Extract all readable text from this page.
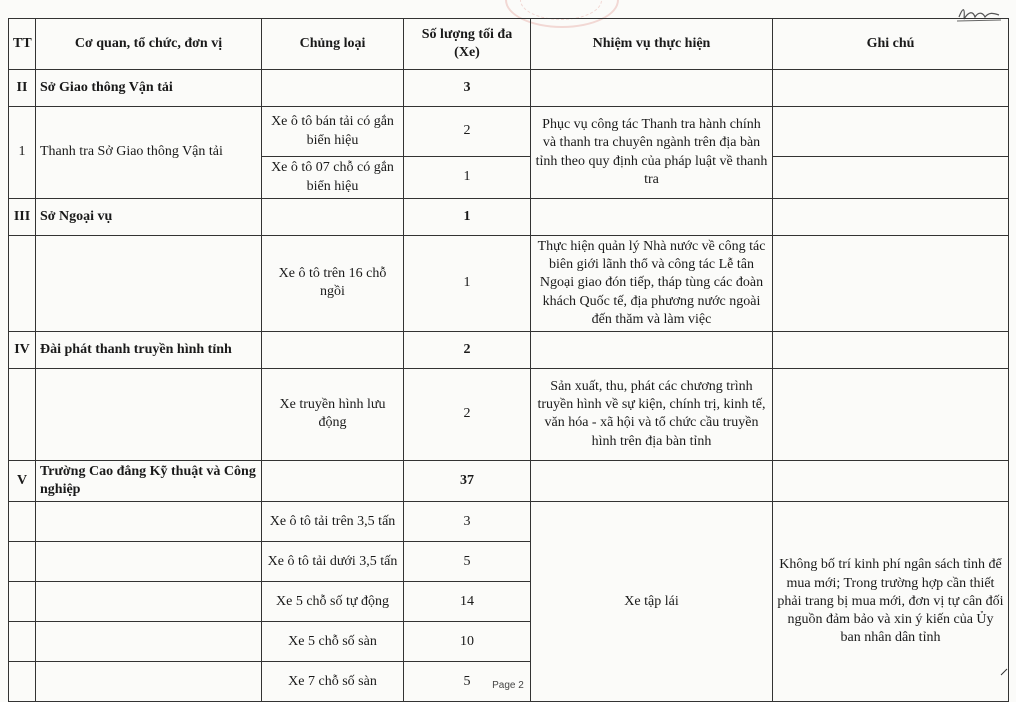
TT	Cơ quan, tổ chức, đơn vị	Chủng loại	Số lượng tối đa (Xe)	Nhiệm vụ thực hiện	Ghi chú
II	Sở Giao thông Vận tải		3		
1	Thanh tra Sở Giao thông Vận tải	Xe ô tô bán tải có gắn biển hiệu	2	Phục vụ công tác Thanh tra hành chính và thanh tra chuyên ngành trên địa bàn tỉnh theo quy định của pháp luật về thanh tra	
		Xe ô tô 07 chỗ có gắn biển hiệu	1		
III	Sở Ngoại vụ		1		
		Xe ô tô trên 16 chỗ ngồi	1	Thực hiện quản lý Nhà nước về công tác biên giới lãnh thổ và công tác Lễ tân Ngoại giao đón tiếp, tháp tùng các đoàn khách Quốc tế, địa phương nước ngoài đến thăm và làm việc	
IV	Đài phát thanh truyền hình tỉnh		2		
		Xe truyền hình lưu động	2	Sản xuất, thu, phát các chương trình truyền hình về sự kiện, chính trị, kinh tế, văn hóa - xã hội và tổ chức cầu truyền hình trên địa bàn tỉnh	
V	Trường Cao đẳng Kỹ thuật và Công nghiệp		37		
		Xe ô tô tải trên 3,5 tấn	3	Xe tập lái	Không bố trí kinh phí ngân sách tỉnh để mua mới; Trong trường hợp cần thiết phải trang bị mua mới, đơn vị tự cân đối nguồn đảm bảo và xin ý kiến của Ủy ban nhân dân tỉnh
		Xe ô tô tải dưới 3,5 tấn	5		
		Xe 5 chỗ số tự động	14		
		Xe 5 chỗ số sàn	10		
		Xe 7 chỗ số sàn	5			Page 2
